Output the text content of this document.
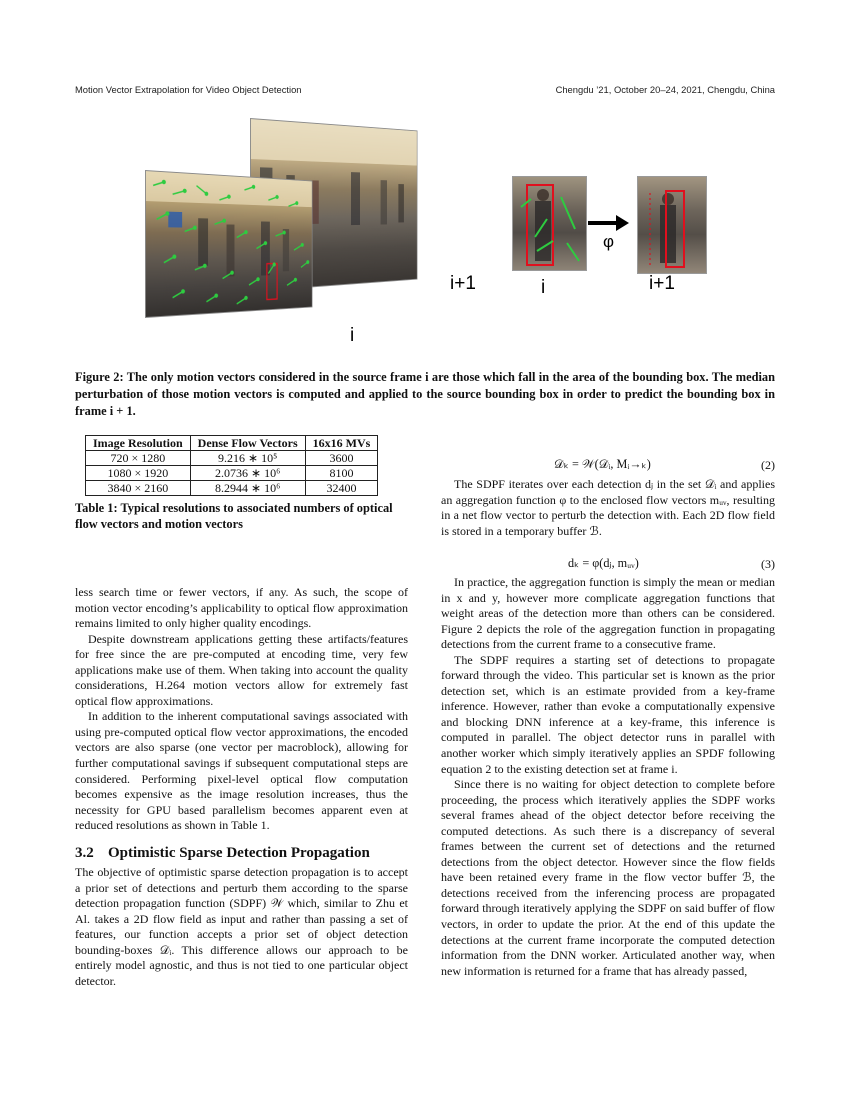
Motion Vector Extrapolation for Video Object Detection	Chengdu ’21, October 20–24, 2021, Chengdu, China
i+1
i
φ
i	i+1
Figure 2: The only motion vectors considered in the source frame i are those which fall in the area of the bounding box. The median perturbation of those motion vectors is computed and applied to the source bounding box in order to predict the bounding box in frame i + 1.
Image Resolution	Dense Flow Vectors	16x16 MVs
720 × 1280	9.216 ∗ 10⁵	3600
1080 × 1920	2.0736 ∗ 10⁶	8100
3840 × 2160	8.2944 ∗ 10⁶	32400
Table 1: Typical resolutions to associated numbers of optical flow vectors and motion vectors

less search time or fewer vectors, if any. As such, the scope of motion vector encoding’s applicability to optical flow approximation remains limited to only higher quality encodings.

Despite downstream applications getting these artifacts/features for free since the are pre-computed at encoding time, very few applications make use of them. When taking into account the quality considerations, H.264 motion vectors allow for extremely fast optical flow approximations.

In addition to the inherent computational savings associated with using pre-computed optical flow vector approximations, the encoded vectors are also sparse (one vector per macroblock), allowing for further computational savings if subsequent computational steps are considered. Performing pixel-level optical flow computation becomes expensive as the image resolution increases, thus the necessity for GPU based parallelism becomes apparent even at reduced resolutions as shown in Table 1.

3.2 Optimistic Sparse Detection Propagation

The objective of optimistic sparse detection propagation is to accept a prior set of detections and perturb them according to the sparse detection propagation function (SDPF) 𝒲 which, similar to Zhu et Al. takes a 2D flow field as input and rather than passing a set of features, our function accepts a prior set of object detection bounding-boxes 𝒟ᵢ. This difference allows our approach to be entirely model agnostic, and thus is not tied to one particular object detector.

𝒟ₖ = 𝒲(𝒟ᵢ, Mᵢ→ₖ)	(2)

The SDPF iterates over each detection dⱼ in the set 𝒟ᵢ and applies an aggregation function φ to the enclosed flow vectors mᵤᵥ, resulting in a net flow vector to perturb the detection with. Each 2D flow field is stored in a temporary buffer ℬ.

dₖ = φ(dⱼ, mᵤᵥ)	(3)

In practice, the aggregation function is simply the mean or median in x and y, however more complicate aggregation functions that weight areas of the detection more than others can be considered. Figure 2 depicts the role of the aggregation function in propagating detections from the current frame to a consecutive frame.

The SDPF requires a starting set of detections to propagate forward through the video. This particular set is known as the prior detection set, which is an estimate provided from a key-frame inference. However, rather than evoke a computationally expensive and blocking DNN inference at a key-frame, this inference is computed in parallel. The object detector runs in parallel with another worker which simply iteratively applies an SPDF following equation 2 to the existing detection set at frame i.

Since there is no waiting for object detection to complete before proceeding, the process which iteratively applies the SDPF works several frames ahead of the object detector before receiving the computed detections. As such there is a discrepancy of several frames between the current set of detections and the returned detections from the object detector. However since the flow fields have been retained every frame in the flow vector buffer ℬ, the detections received from the inferencing process are propagated forward through iteratively applying the SDPF on said buffer of flow vectors, in order to update the prior. At the end of this update the detections at the current frame incorporate the computed detection information from the DNN worker. Articulated another way, when new information is returned for a frame that has already passed,
